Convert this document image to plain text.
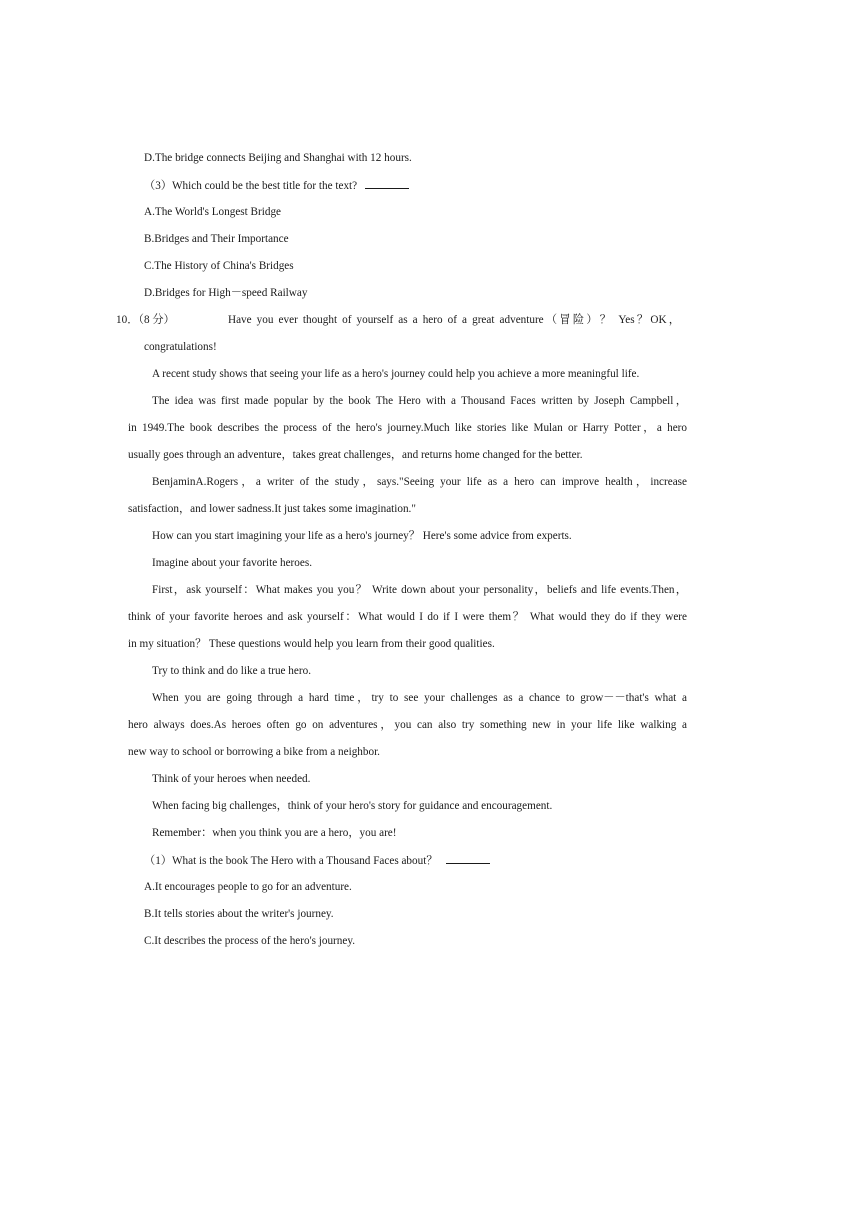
D.The bridge connects Beijing and Shanghai with 12 hours.
（3）Which could be the best title for the text?
A.The World's Longest Bridge
B.Bridges and Their Importance
C.The History of China's Bridges
D.Bridges for High－speed Railway
10．（8 分）	Have you ever thought of yourself as a hero of a great adventure（冒险）？ Yes？OK，
congratulations!
A recent study shows that seeing your life as a hero's journey could help you achieve a more meaningful life.
The idea was first made popular by the book The Hero with a Thousand Faces written by Joseph Campbell，
in 1949.The book describes the process of the hero's journey.Much like stories like Mulan or Harry Potter，a hero
usually goes through an adventure，takes great challenges，and returns home changed for the better.
BenjaminA.Rogers，a writer of the study，says."Seeing your life as a hero can improve health，increase
satisfaction，and lower sadness.It just takes some imagination."
How can you start imagining your life as a hero's journey？ Here's some advice from experts.
Imagine about your favorite heroes.
First，ask yourself：What makes you you？ Write down about your personality，beliefs and life events.Then，
think of your favorite heroes and ask yourself：What would I do if I were them？ What would they do if they were
in my situation？ These questions would help you learn from their good qualities.
Try to think and do like a true hero.
When you are going through a hard time，try to see your challenges as a chance to grow－－that's what a
hero always does.As heroes often go on adventures，you can also try something new in your life like walking a
new way to school or borrowing a bike from a neighbor.
Think of your heroes when needed.
When facing big challenges，think of your hero's story for guidance and encouragement.
Remember：when you think you are a hero，you are!
（1）What is the book The Hero with a Thousand Faces about？
A.It encourages people to go for an adventure.
B.It tells stories about the writer's journey.
C.It describes the process of the hero's journey.
